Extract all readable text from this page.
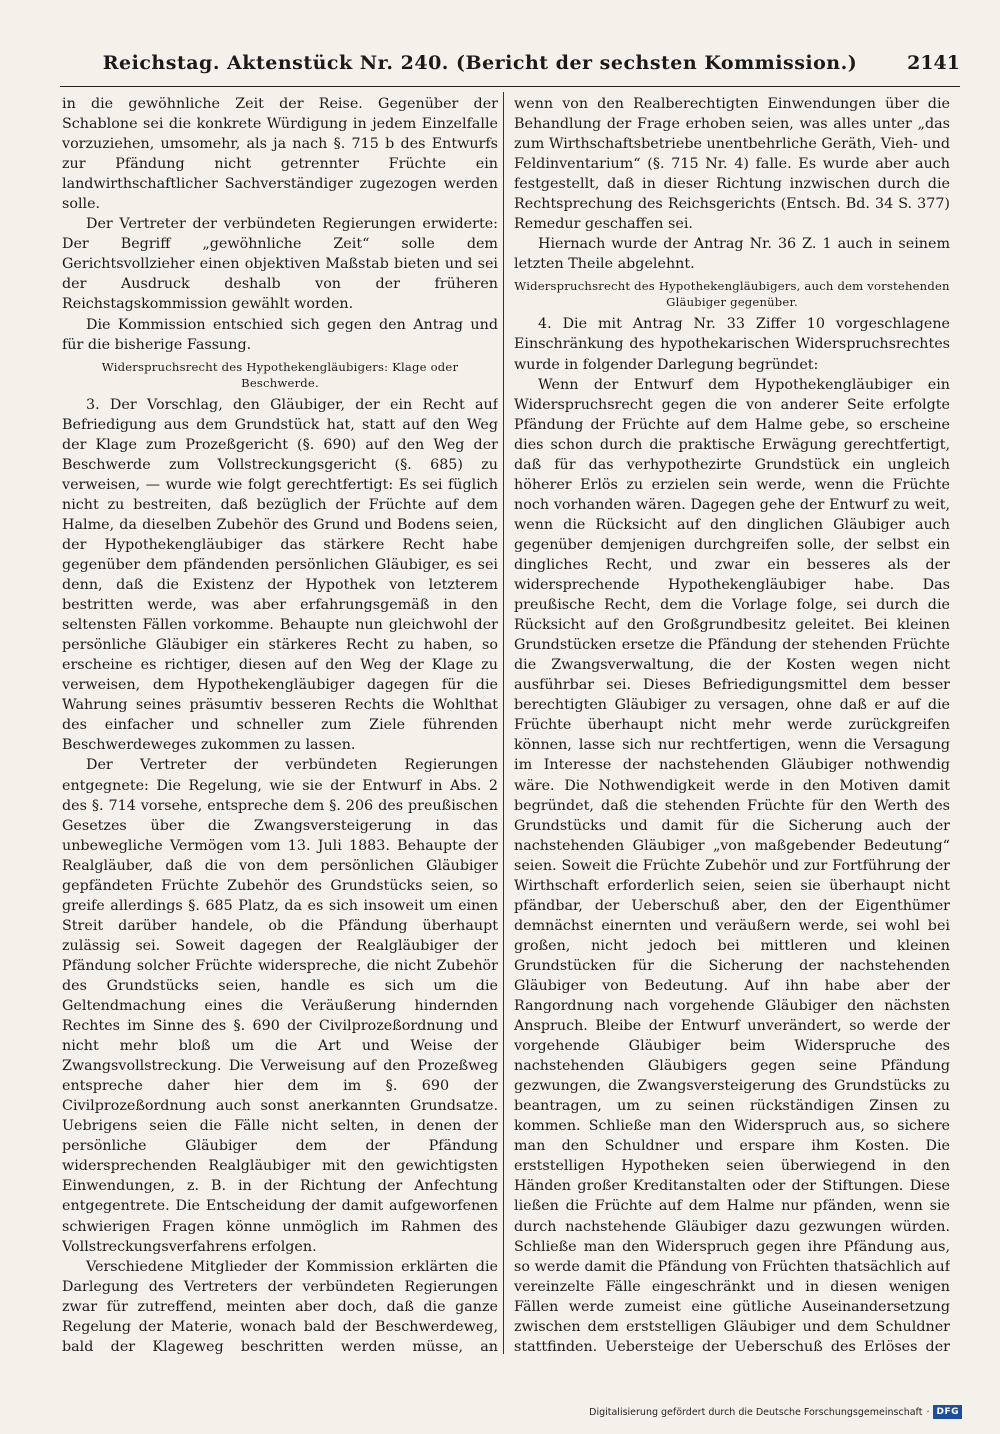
Reichstag. Aktenstück Nr. 240. (Bericht der sechsten Kommission.)	2141

in die gewöhnliche Zeit der Reise. Gegenüber der Schablone sei die konkrete Würdigung in jedem Einzelfalle vorzuziehen, umsomehr, als ja nach §. 715 b des Entwurfs zur Pfändung nicht getrennter Früchte ein landwirthschaftlicher Sachverständiger zugezogen werden solle.

Der Vertreter der verbündeten Regierungen erwiderte: Der Begriff „gewöhnliche Zeit“ solle dem Gerichtsvollzieher einen objektiven Maßstab bieten und sei der Ausdruck deshalb von der früheren Reichstagskommission gewählt worden.

Die Kommission entschied sich gegen den Antrag und für die bisherige Fassung.

Widerspruchsrecht des Hypothekengläubigers: Klage oder Beschwerde.

3. Der Vorschlag, den Gläubiger, der ein Recht auf Befriedigung aus dem Grundstück hat, statt auf den Weg der Klage zum Prozeßgericht (§. 690) auf den Weg der Beschwerde zum Vollstreckungsgericht (§. 685) zu verweisen, — wurde wie folgt gerechtfertigt: Es sei füglich nicht zu bestreiten, daß bezüglich der Früchte auf dem Halme, da dieselben Zubehör des Grund und Bodens seien, der Hypothekengläubiger das stärkere Recht habe gegenüber dem pfändenden persönlichen Gläubiger, es sei denn, daß die Existenz der Hypothek von letzterem bestritten werde, was aber erfahrungsgemäß in den seltensten Fällen vorkomme. Behaupte nun gleichwohl der persönliche Gläubiger ein stärkeres Recht zu haben, so erscheine es richtiger, diesen auf den Weg der Klage zu verweisen, dem Hypothekengläubiger dagegen für die Wahrung seines präsumtiv besseren Rechts die Wohlthat des einfacher und schneller zum Ziele führenden Beschwerdeweges zukommen zu lassen.

Der Vertreter der verbündeten Regierungen entgegnete: Die Regelung, wie sie der Entwurf in Abs. 2 des §. 714 vorsehe, entspreche dem §. 206 des preußischen Gesetzes über die Zwangsversteigerung in das unbewegliche Vermögen vom 13. Juli 1883. Behaupte der Realgläuber, daß die von dem persönlichen Gläubiger gepfändeten Früchte Zubehör des Grundstücks seien, so greife allerdings §. 685 Platz, da es sich insoweit um einen Streit darüber handele, ob die Pfändung überhaupt zulässig sei. Soweit dagegen der Realgläubiger der Pfändung solcher Früchte widerspreche, die nicht Zubehör des Grundstücks seien, handle es sich um die Geltendmachung eines die Veräußerung hindernden Rechtes im Sinne des §. 690 der Civilprozeßordnung und nicht mehr bloß um die Art und Weise der Zwangsvollstreckung. Die Verweisung auf den Prozeßweg entspreche daher hier dem im §. 690 der Civilprozeßordnung auch sonst anerkannten Grundsatze. Uebrigens seien die Fälle nicht selten, in denen der persönliche Gläubiger dem der Pfändung widersprechenden Realgläubiger mit den gewichtigsten Einwendungen, z. B. in der Richtung der Anfechtung entgegentrete. Die Entscheidung der damit aufgeworfenen schwierigen Fragen könne unmöglich im Rahmen des Vollstreckungsverfahrens erfolgen.

Verschiedene Mitglieder der Kommission erklärten die Darlegung des Vertreters der verbündeten Regierungen zwar für zutreffend, meinten aber doch, daß die ganze Regelung der Materie, wonach bald der Beschwerdeweg, bald der Klageweg beschritten werden müsse, an

wenn von den Realberechtigten Einwendungen über die Behandlung der Frage erhoben seien, was alles unter „das zum Wirthschaftsbetriebe unentbehrliche Geräth, Vieh- und Feldinventarium“ (§. 715 Nr. 4) falle. Es wurde aber auch festgestellt, daß in dieser Richtung inzwischen durch die Rechtsprechung des Reichsgerichts (Entsch. Bd. 34 S. 377) Remedur geschaffen sei.

Hiernach wurde der Antrag Nr. 36 Z. 1 auch in seinem letzten Theile abgelehnt.

Widerspruchsrecht des Hypothekengläubigers, auch dem vorstehenden Gläubiger gegenüber.

4. Die mit Antrag Nr. 33 Ziffer 10 vorgeschlagene Einschränkung des hypothekarischen Widerspruchsrechtes wurde in folgender Darlegung begründet:

Wenn der Entwurf dem Hypothekengläubiger ein Widerspruchsrecht gegen die von anderer Seite erfolgte Pfändung der Früchte auf dem Halme gebe, so erscheine dies schon durch die praktische Erwägung gerechtfertigt, daß für das verhypothezirte Grundstück ein ungleich höherer Erlös zu erzielen sein werde, wenn die Früchte noch vorhanden wären. Dagegen gehe der Entwurf zu weit, wenn die Rücksicht auf den dinglichen Gläubiger auch gegenüber demjenigen durchgreifen solle, der selbst ein dingliches Recht, und zwar ein besseres als der widersprechende Hypothekengläubiger habe. Das preußische Recht, dem die Vorlage folge, sei durch die Rücksicht auf den Großgrundbesitz geleitet. Bei kleinen Grundstücken ersetze die Pfändung der stehenden Früchte die Zwangsverwaltung, die der Kosten wegen nicht ausführbar sei. Dieses Befriedigungsmittel dem besser berechtigten Gläubiger zu versagen, ohne daß er auf die Früchte überhaupt nicht mehr werde zurückgreifen können, lasse sich nur rechtfertigen, wenn die Versagung im Interesse der nachstehenden Gläubiger nothwendig wäre. Die Nothwendigkeit werde in den Motiven damit begründet, daß die stehenden Früchte für den Werth des Grundstücks und damit für die Sicherung auch der nachstehenden Gläubiger „von maßgebender Bedeutung“ seien. Soweit die Früchte Zubehör und zur Fortführung der Wirthschaft erforderlich seien, seien sie überhaupt nicht pfändbar, der Ueberschuß aber, den der Eigenthümer demnächst einernten und veräußern werde, sei wohl bei großen, nicht jedoch bei mittleren und kleinen Grundstücken für die Sicherung der nachstehenden Gläubiger von Bedeutung. Auf ihn habe aber der Rangordnung nach vorgehende Gläubiger den nächsten Anspruch. Bleibe der Entwurf unverändert, so werde der vorgehende Gläubiger beim Widerspruche des nachstehenden Gläubigers gegen seine Pfändung gezwungen, die Zwangsversteigerung des Grundstücks zu beantragen, um zu seinen rückständigen Zinsen zu kommen. Schließe man den Widerspruch aus, so sichere man den Schuldner und erspare ihm Kosten. Die erststelligen Hypotheken seien überwiegend in den Händen großer Kreditanstalten oder der Stiftungen. Diese ließen die Früchte auf dem Halme nur pfänden, wenn sie durch nachstehende Gläubiger dazu gezwungen würden. Schließe man den Widerspruch gegen ihre Pfändung aus, so werde damit die Pfändung von Früchten thatsächlich auf vereinzelte Fälle eingeschränkt und in diesen wenigen Fällen werde zumeist eine gütliche Auseinandersetzung zwischen dem erststelligen Gläubiger und dem Schuldner stattfinden. Uebersteige der Ueberschuß des Erlöses der

Digitalisierung gefördert durch die Deutsche Forschungsgemeinschaft · DFG
